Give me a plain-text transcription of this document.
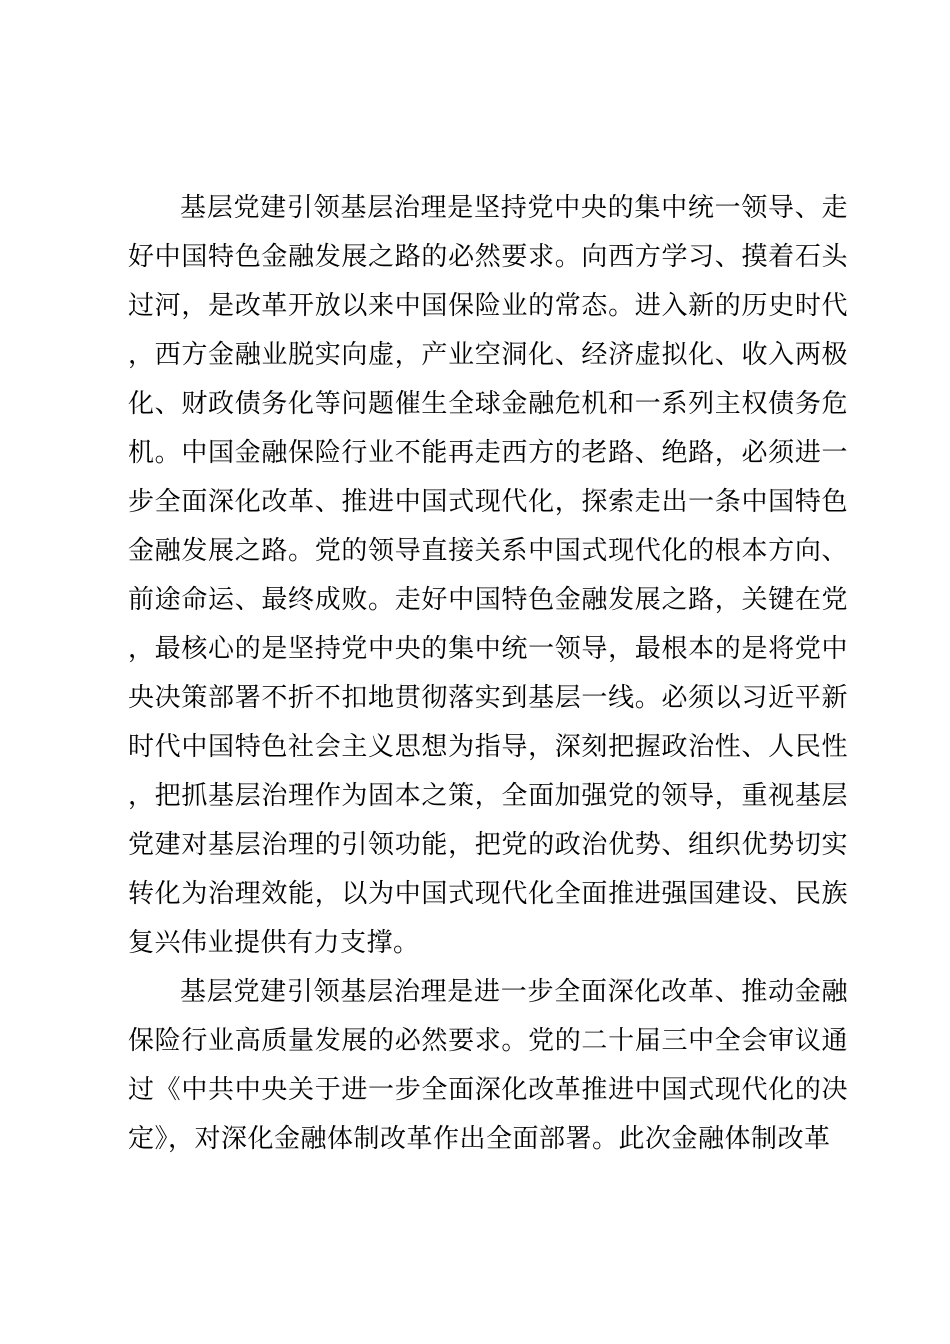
基层党建引领基层治理是坚持党中央的集中统一领导、走好中国特色金融发展之路的必然要求。向西方学习、摸着石头过河，是改革开放以来中国保险业的常态。进入新的历史时代，西方金融业脱实向虚，产业空洞化、经济虚拟化、收入两极化、财政债务化等问题催生全球金融危机和一系列主权债务危机。中国金融保险行业不能再走西方的老路、绝路，必须进一步全面深化改革、推进中国式现代化，探索走出一条中国特色金融发展之路。党的领导直接关系中国式现代化的根本方向、前途命运、最终成败。走好中国特色金融发展之路，关键在党，最核心的是坚持党中央的集中统一领导，最根本的是将党中央决策部署不折不扣地贯彻落实到基层一线。必须以习近平新时代中国特色社会主义思想为指导，深刻把握政治性、人民性，把抓基层治理作为固本之策，全面加强党的领导，重视基层党建对基层治理的引领功能，把党的政治优势、组织优势切实转化为治理效能，以为中国式现代化全面推进强国建设、民族复兴伟业提供有力支撑。

基层党建引领基层治理是进一步全面深化改革、推动金融保险行业高质量发展的必然要求。党的二十届三中全会审议通过《中共中央关于进一步全面深化改革推进中国式现代化的决定》，对深化金融体制改革作出全面部署。此次金融体制改革
